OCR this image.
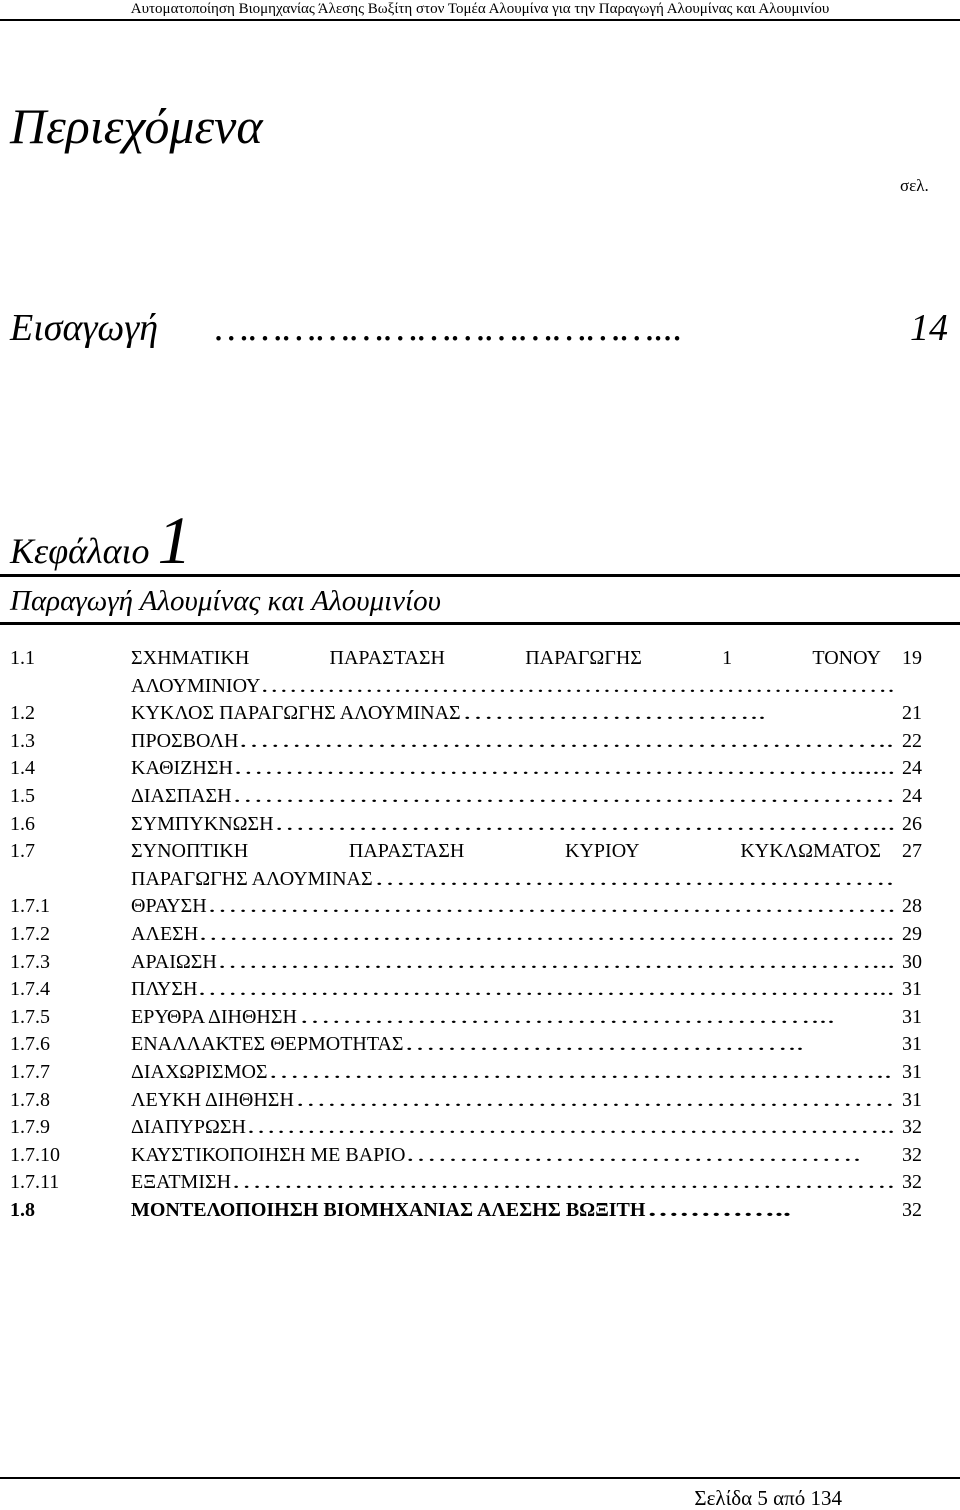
Αυτοματοποίηση Βιομηχανίας Άλεσης Βωξίτη στον Τομέα Αλουμίνα για την Παραγωγή Αλουμίνας και Αλουμινίου
Περιεχόμενα
σελ.
Εισαγωγή …………………………………...	14
Κεφάλαιο 1
Παραγωγή Αλουμίνας και Αλουμινίου
1.1	ΣΧΗΜΑΤΙΚΗ	ΠΑΡΑΣΤΑΣΗ	ΠΑΡΑΓΩΓΗΣ	1	ΤΟΝΟΥ 19
ΑΛΟΥΜΙΝΙΟΥ ………………………………………………………….
1.2	ΚΥΚΛΟΣ ΠΑΡΑΓΩΓΗΣ ΑΛΟΥΜΙΝΑΣ ………………………..	21
1.3	ΠΡΟΣΒΟΛΗ …………………………………………………….. 22
1.4	ΚΑΘΙΖΗΣΗ ……………………………………………………...... 24
1.5	ΔΙΑΣΠΑΣΗ ……………………………………………………… 24
1.6	ΣΥΜΠΥΚΝΩΣΗ …………………………………………………... 26
1.7	ΣΥΝΟΠΤΙΚΗ	ΠΑΡΑΣΤΑΣΗ	ΚΥΡΙΟΥ	ΚΥΚΛΩΜΑΤΟΣ 27
ΠΑΡΑΓΩΓΗΣ ΑΛΟΥΜΙΝΑΣ ………………………………………….
1.7.1	ΘΡΑΥΣΗ …………………………………………………………. 28
1.7.2	ΑΛΕΣΗ …………………………………………………………... 29
1.7.3	ΑΡΑΙΩΣΗ ………………………………………………………... 30
1.7.4	ΠΛΥΣΗ …………………………………………………………... 31
1.7.5	ΕΡΥΘΡΑ ΔΙΗΘΗΣΗ …………………………………………...	31
1.7.6	ΕΝΑΛΛΑΚΤΕΣ ΘΕΡΜΟΤΗΤΑΣ ………………………………..	31
1.7.7	ΔΙΑΧΩΡΙΣΜΟΣ ………………………………………………….. 31
1.7.8	ΛΕΥΚΗ ΔΙΗΘΗΣΗ ………………………………………………… 31
1.7.9	ΔΙΑΠΥΡΩΣΗ ……………………………………………………….. 32
1.7.10	ΚΑΥΣΤΙΚΟΠΟΙΗΣΗ ΜΕ ΒΑΡΙΟ ……………………………………. 32
1.7.11	ΕΞΑΤΜΙΣΗ ………………………………………………………. 32
1.8	ΜΟΝΤΕΛΟΠΟΙΗΣΗ ΒΙΟΜΗΧΑΝΙΑΣ ΑΛΕΣΗΣ ΒΩΞΙΤΗ …………..	32
Σελίδα 5 από 134
